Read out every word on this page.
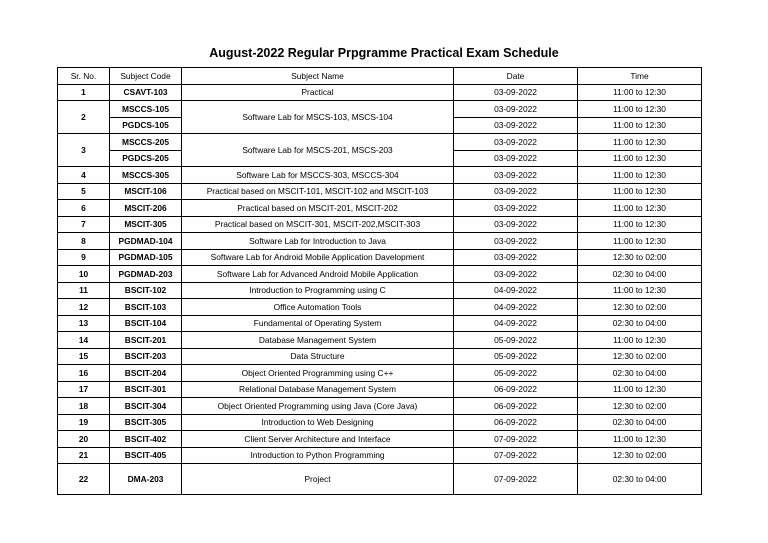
August-2022 Regular Prpgramme Practical Exam Schedule
Sr. No.	Subject Code	Subject Name	Date	Time
1	CSAVT-103	Practical	03-09-2022	11:00 to 12:30
2	MSCCS-105	Software Lab for MSCS-103, MSCS-104	03-09-2022	11:00 to 12:30
	PGDCS-105		03-09-2022	11:00 to 12:30
3	MSCCS-205	Software Lab for MSCS-201, MSCS-203	03-09-2022	11:00 to 12:30
	PGDCS-205		03-09-2022	11:00 to 12:30
4	MSCCS-305	Software Lab for MSCCS-303, MSCCS-304	03-09-2022	11:00 to 12:30
5	MSCIT-106	Practical based on MSCIT-101, MSCIT-102 and MSCIT-103	03-09-2022	11:00 to 12:30
6	MSCIT-206	Practical based on MSCIT-201, MSCIT-202	03-09-2022	11:00 to 12:30
7	MSCIT-305	Practical based on MSCIT-301, MSCIT-202,MSCIT-303	03-09-2022	11:00 to 12:30
8	PGDMAD-104	Software Lab for Introduction to Java	03-09-2022	11:00 to 12:30
9	PGDMAD-105	Software Lab for Android Mobile Application Davelopment	03-09-2022	12:30 to 02:00
10	PGDMAD-203	Software Lab for Advanced Android Mobile Application	03-09-2022	02:30 to 04:00
11	BSCIT-102	Introduction to Programming using C	04-09-2022	11:00 to 12:30
12	BSCIT-103	Office Automation Tools	04-09-2022	12:30 to 02:00
13	BSCIT-104	Fundamental of Operating System	04-09-2022	02:30 to 04:00
14	BSCIT-201	Database Management System	05-09-2022	11:00 to 12:30
15	BSCIT-203	Data Structure	05-09-2022	12:30 to 02:00
16	BSCIT-204	Object Oriented Programming using C++	05-09-2022	02:30 to 04:00
17	BSCIT-301	Relational Database Management System	06-09-2022	11:00 to 12:30
18	BSCIT-304	Object Oriented Programming using Java (Core Java)	06-09-2022	12:30 to 02:00
19	BSCIT-305	Introduction to Web Designing	06-09-2022	02:30 to 04:00
20	BSCIT-402	Client Server Architecture and Interface	07-09-2022	11:00 to 12:30
21	BSCIT-405	Introduction to Python Programming	07-09-2022	12:30 to 02:00
22	DMA-203	Project	07-09-2022	02:30 to 04:00
